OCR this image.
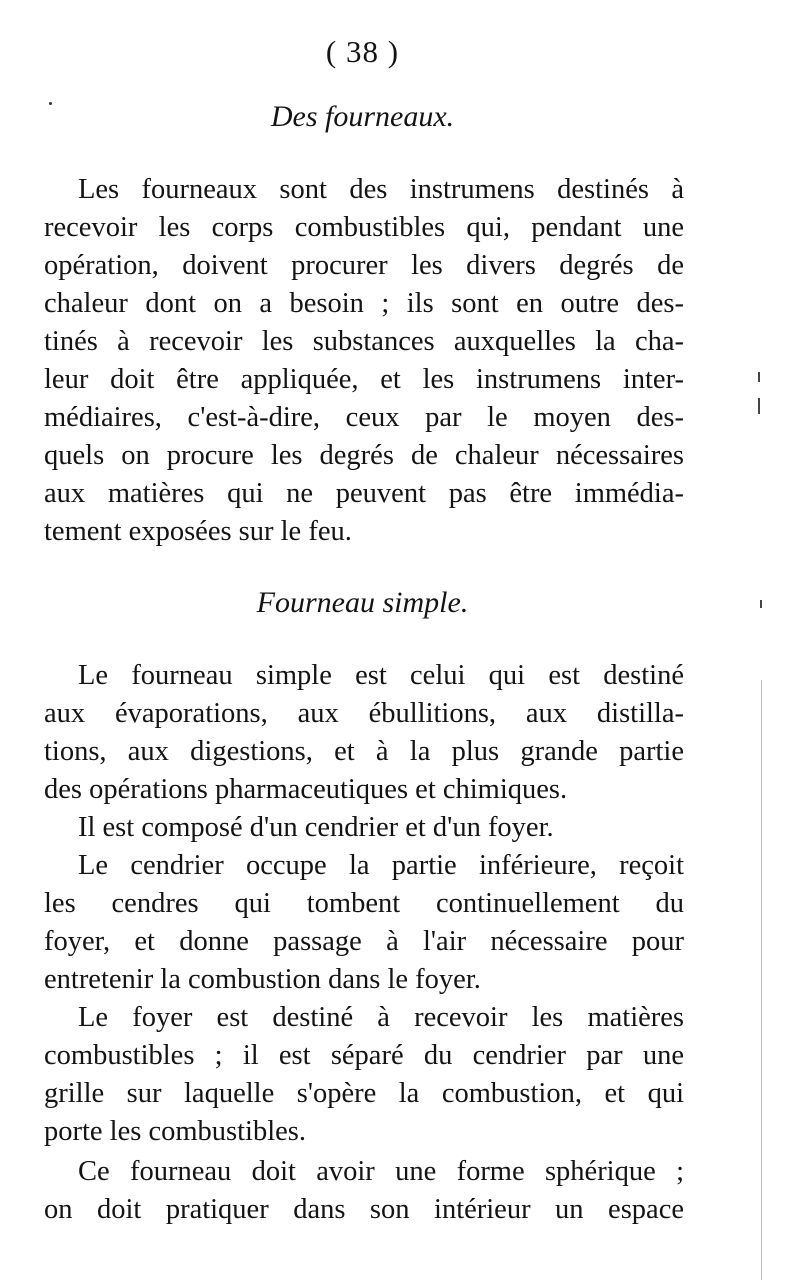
( 38 )
Des fourneaux.
Les fourneaux sont des instrumens destinés à
recevoir les corps combustibles qui, pendant une
opération, doivent procurer les divers degrés de
chaleur dont on a besoin ; ils sont en outre des-
tinés à recevoir les substances auxquelles la cha-
leur doit être appliquée, et les instrumens inter-
médiaires, c'est-à-dire, ceux par le moyen des-
quels on procure les degrés de chaleur nécessaires
aux matières qui ne peuvent pas être immédia-
tement exposées sur le feu.
Fourneau simple.
Le fourneau simple est celui qui est destiné
aux évaporations, aux ébullitions, aux distilla-
tions, aux digestions, et à la plus grande partie
des opérations pharmaceutiques et chimiques.
Il est composé d'un cendrier et d'un foyer.
Le cendrier occupe la partie inférieure, reçoit
les cendres qui tombent continuellement du
foyer, et donne passage à l'air nécessaire pour
entretenir la combustion dans le foyer.
Le foyer est destiné à recevoir les matières
combustibles ; il est séparé du cendrier par une
grille sur laquelle s'opère la combustion, et qui
porte les combustibles.
Ce fourneau doit avoir une forme sphérique ;
on doit pratiquer dans son intérieur un espace
